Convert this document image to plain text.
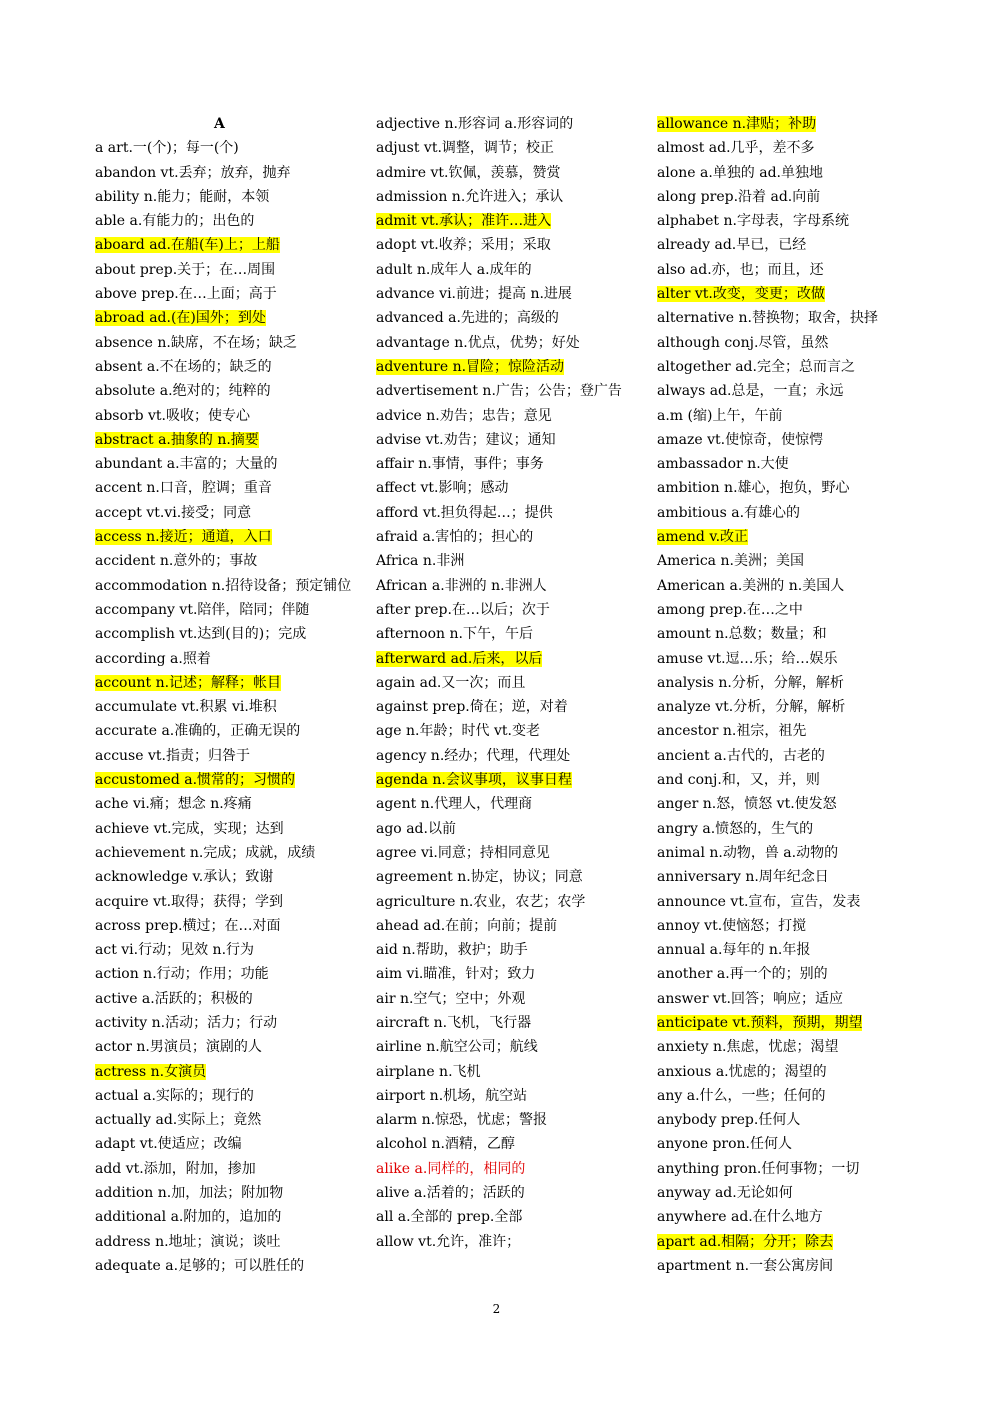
A
a art.一(个)；每一(个)
abandon vt.丢弃；放弃，抛弃
ability n.能力；能耐，本领
able a.有能力的；出色的
aboard ad.在船(车)上；上船
about prep.关于；在…周围
above prep.在…上面；高于
abroad ad.(在)国外；到处
absence n.缺席，不在场；缺乏
absent a.不在场的；缺乏的
absolute a.绝对的；纯粹的
absorb vt.吸收；使专心
abstract a.抽象的 n.摘要
abundant a.丰富的；大量的
accent n.口音，腔调；重音
accept vt.vi.接受；同意
access n.接近；通道，入口
accident n.意外的；事故
accommodation n.招待设备；预定铺位
accompany vt.陪伴，陪同；伴随
accomplish vt.达到(目的)；完成
according a.照着
account n.记述；解释；帐目
accumulate vt.积累 vi.堆积
accurate a.准确的，正确无误的
accuse vt.指责；归咎于
accustomed a.惯常的；习惯的
ache vi.痛；想念 n.疼痛
achieve vt.完成，实现；达到
achievement n.完成；成就，成绩
acknowledge v.承认；致谢
acquire vt.取得；获得；学到
across prep.横过；在…对面
act vi.行动；见效 n.行为
action n.行动；作用；功能
active a.活跃的；积极的
activity n.活动；活力；行动
actor n.男演员；演剧的人
actress n.女演员
actual a.实际的；现行的
actually ad.实际上；竟然
adapt vt.使适应；改编
add vt.添加，附加，掺加
addition n.加，加法；附加物
additional a.附加的，追加的
address n.地址；演说；谈吐
adequate a.足够的；可以胜任的
adjective n.形容词 a.形容词的
adjust vt.调整，调节；校正
admire vt.钦佩，羡慕，赞赏
admission n.允许进入；承认
admit vt.承认；准许…进入
adopt vt.收养；采用；采取
adult n.成年人 a.成年的
advance vi.前进；提高 n.进展
advanced a.先进的；高级的
advantage n.优点，优势；好处
adventure n.冒险；惊险活动
advertisement n.广告；公告；登广告
advice n.劝告；忠告；意见
advise vt.劝告；建议；通知
affair n.事情，事件；事务
affect vt.影响；感动
afford vt.担负得起…；提供
afraid a.害怕的；担心的
Africa n.非洲
African a.非洲的 n.非洲人
after prep.在…以后；次于
afternoon n.下午，午后
afterward ad.后来，以后
again ad.又一次；而且
against prep.倚在；逆，对着
age n.年龄；时代 vt.变老
agency n.经办；代理，代理处
agenda n.会议事项，议事日程
agent n.代理人，代理商
ago ad.以前
agree vi.同意；持相同意见
agreement n.协定，协议；同意
agriculture n.农业，农艺；农学
ahead ad.在前；向前；提前
aid n.帮助，救护；助手
aim vi.瞄准，针对；致力
air n.空气；空中；外观
aircraft n.飞机，飞行器
airline n.航空公司；航线
airplane n.飞机
airport n.机场，航空站
alarm n.惊恐，忧虑；警报
alcohol n.酒精，乙醇
alike a.同样的，相同的
alive a.活着的；活跃的
all a.全部的 prep.全部
allow vt.允许，准许；
allowance n.津贴；补助
almost ad.几乎，差不多
alone a.单独的 ad.单独地
along prep.沿着 ad.向前
alphabet n.字母表，字母系统
already ad.早已，已经
also ad.亦，也；而且，还
alter vt.改变，变更；改做
alternative n.替换物；取舍，抉择
although conj.尽管，虽然
altogether ad.完全；总而言之
always ad.总是，一直；永远
a.m (缩)上午，午前
amaze vt.使惊奇，使惊愕
ambassador n.大使
ambition n.雄心，抱负，野心
ambitious a.有雄心的
amend v.改正
America n.美洲；美国
American a.美洲的 n.美国人
among prep.在…之中
amount n.总数；数量；和
amuse vt.逗…乐；给…娱乐
analysis n.分析，分解，解析
analyze vt.分析，分解，解析
ancestor n.祖宗，祖先
ancient a.古代的，古老的
and conj.和，又，并，则
anger n.怒，愤怒 vt.使发怒
angry a.愤怒的，生气的
animal n.动物，兽 a.动物的
anniversary n.周年纪念日
announce vt.宣布，宣告，发表
annoy vt.使恼怒；打搅
annual a.每年的 n.年报
another a.再一个的；别的
answer vt.回答；响应；适应
anticipate vt.预料，预期，期望
anxiety n.焦虑，忧虑；渴望
anxious a.忧虑的；渴望的
any a.什么，一些；任何的
anybody prep.任何人
anyone pron.任何人
anything pron.任何事物；一切
anyway ad.无论如何
anywhere ad.在什么地方
apart ad.相隔；分开；除去
apartment n.一套公寓房间
2
